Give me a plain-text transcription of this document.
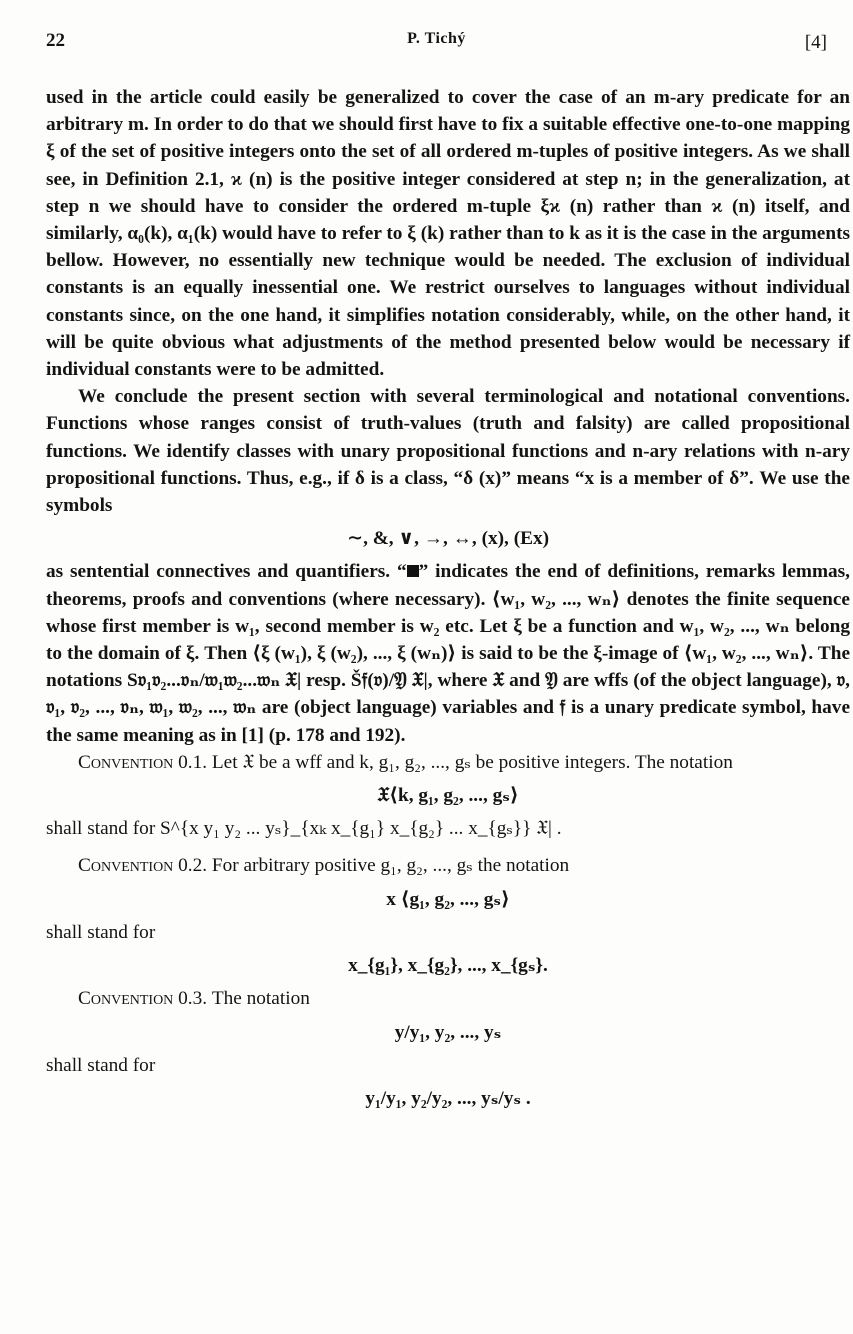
22	P. Tichý	[4]

used in the article could easily be generalized to cover the case of an m-ary predicate for an arbitrary m. In order to do that we should first have to fix a suitable effective one-to-one mapping ξ of the set of positive integers onto the set of all ordered m-tuples of positive integers. As we shall see, in Definition 2.1, ϰ (n) is the positive integer considered at step n; in the generalization, at step n we should have to consider the ordered m-tuple ξϰ (n) rather than ϰ (n) itself, and similarly, α₀(k), α₁(k) would have to refer to ξ (k) rather than to k as it is the case in the arguments bellow. However, no essentially new technique would be needed. The exclusion of individual constants is an equally inessential one. We restrict ourselves to languages without individual constants since, on the one hand, it simplifies notation considerably, while, on the other hand, it will be quite obvious what adjustments of the method presented below would be necessary if individual constants were to be admitted.

We conclude the present section with several terminological and notational conventions. Functions whose ranges consist of truth-values (truth and falsity) are called propositional functions. We identify classes with unary propositional functions and n-ary relations with n-ary propositional functions. Thus, e.g., if δ is a class, “δ (x)” means “x is a member of δ”. We use the symbols

∼, &, ∨, →, ↔, (x), (Ex)

as sentential connectives and quantifiers. “ ” indicates the end of definitions, remarks lemmas, theorems, proofs and conventions (where necessary). ⟨w₁, w₂, ..., wₙ⟩ denotes the finite sequence whose first member is w₁, second member is w₂ etc. Let ξ be a function and w₁, w₂, ..., wₙ belong to the domain of ξ. Then ⟨ξ (w₁), ξ (w₂), ..., ξ (wₙ)⟩ is said to be the ξ-image of ⟨w₁, w₂, ..., wₙ⟩. The notations S𝔳₁𝔳₂...𝔳ₙ/𝔴₁𝔴₂...𝔴ₙ 𝔛| resp. Š𝔣(𝔳)/𝔜 𝔛|, where 𝔛 and 𝔜 are wffs (of the object language), 𝔳, 𝔳₁, 𝔳₂, ..., 𝔳ₙ, 𝔴₁, 𝔴₂, ..., 𝔴ₙ are (object language) variables and 𝔣 is a unary predicate symbol, have the same meaning as in [1] (p. 178 and 192).

Convention 0.1. Let 𝔛 be a wff and k, g₁, g₂, ..., gₛ be positive integers. The notation

𝔛⟨k, g₁, g₂, ..., gₛ⟩

shall stand for S^{x y₁ y₂ ... yₛ}_{xₖ x_{g₁} x_{g₂} ... x_{gₛ}} 𝔛| .

Convention 0.2. For arbitrary positive g₁, g₂, ..., gₛ the notation

x ⟨g₁, g₂, ..., gₛ⟩

shall stand for

x_{g₁}, x_{g₂}, ..., x_{gₛ}.

Convention 0.3. The notation

y/y₁, y₂, ..., yₛ

shall stand for

y₁/y₁, y₂/y₂, ..., yₛ/yₛ .
